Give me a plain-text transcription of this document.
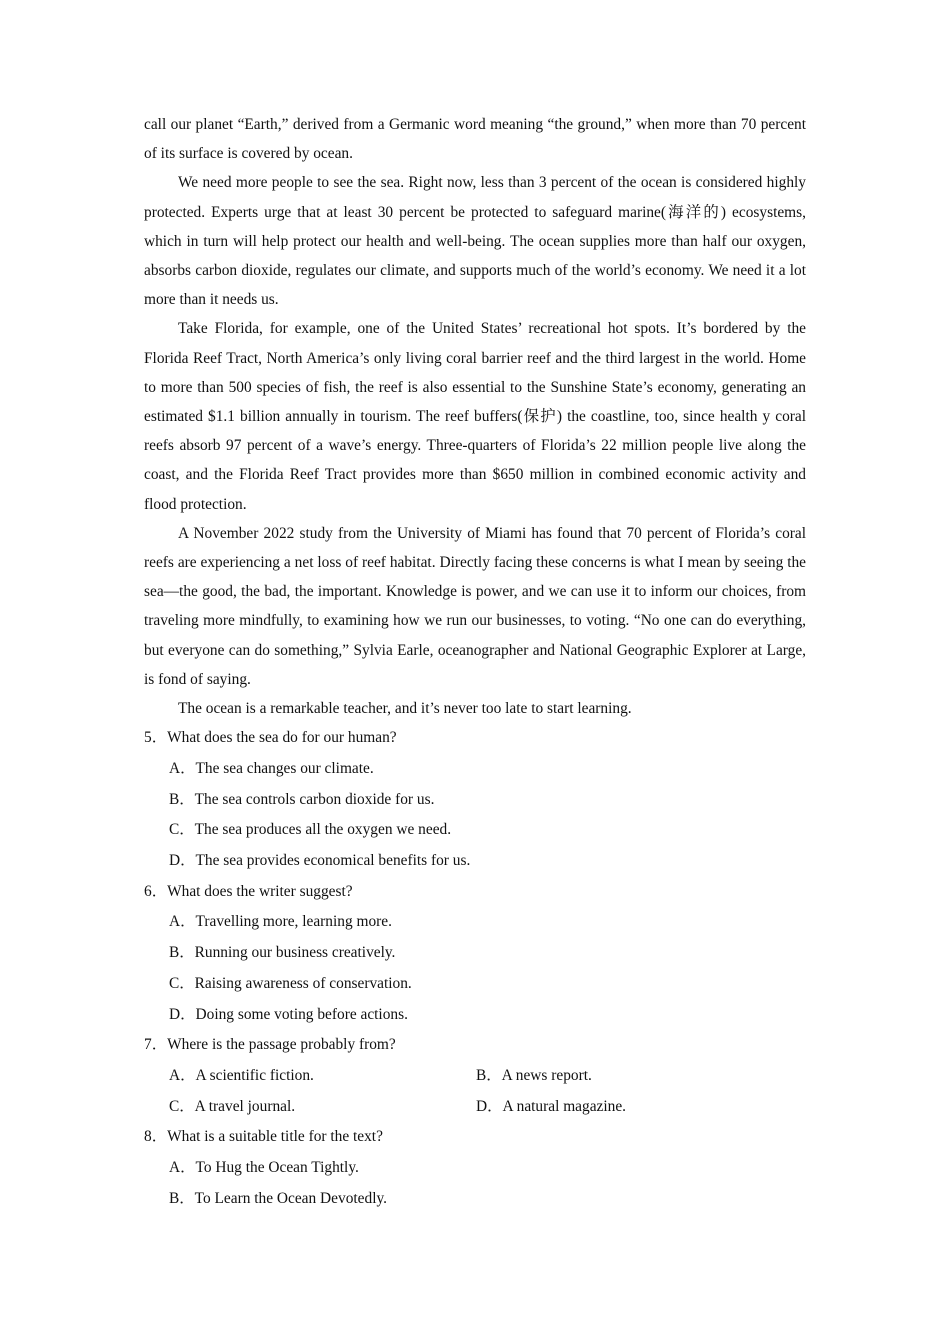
call our planet “Earth,” derived from a Germanic word meaning “the ground,” when more than 70 percent of its surface is covered by ocean.

We need more people to see the sea. Right now, less than 3 percent of the ocean is considered highly protected. Experts urge that at least 30 percent be protected to safeguard marine(海洋的) ecosystems, which in turn will help protect our health and well-being. The ocean supplies more than half our oxygen, absorbs carbon dioxide, regulates our climate, and supports much of the world’s economy. We need it a lot more than it needs us.

Take Florida, for example, one of the United States’ recreational hot spots. It’s bordered by the Florida Reef Tract, North America’s only living coral barrier reef and the third largest in the world. Home to more than 500 species of fish, the reef is also essential to the Sunshine State’s economy, generating an estimated $1.1 billion annually in tourism. The reef buffers(保护) the coastline, too, since health y coral reefs absorb 97 percent of a wave’s energy. Three-quarters of Florida’s 22 million people live along the coast, and the Florida Reef Tract provides more than $650 million in combined economic activity and flood protection.

A November 2022 study from the University of Miami has found that 70 percent of Florida’s coral reefs are experiencing a net loss of reef habitat. Directly facing these concerns is what I mean by seeing the sea—the good, the bad, the important. Knowledge is power, and we can use it to inform our choices, from traveling more mindfully, to examining how we run our businesses, to voting. “No one can do everything, but everyone can do something,” Sylvia Earle, oceanographer and National Geographic Explorer at Large, is fond of saying.

The ocean is a remarkable teacher, and it’s never too late to start learning.

5．What does the sea do for our human?

A．The sea changes our climate.

B．The sea controls carbon dioxide for us.

C．The sea produces all the oxygen we need.

D．The sea provides economical benefits for us.

6．What does the writer suggest?

A．Travelling more, learning more.

B．Running our business creatively.

C．Raising awareness of conservation.

D．Doing some voting before actions.

7．Where is the passage probably from?

A．A scientific fiction.	B．A news report.
C．A travel journal.	D．A natural magazine.

8．What is a suitable title for the text?

A．To Hug the Ocean Tightly.

B．To Learn the Ocean Devotedly.
